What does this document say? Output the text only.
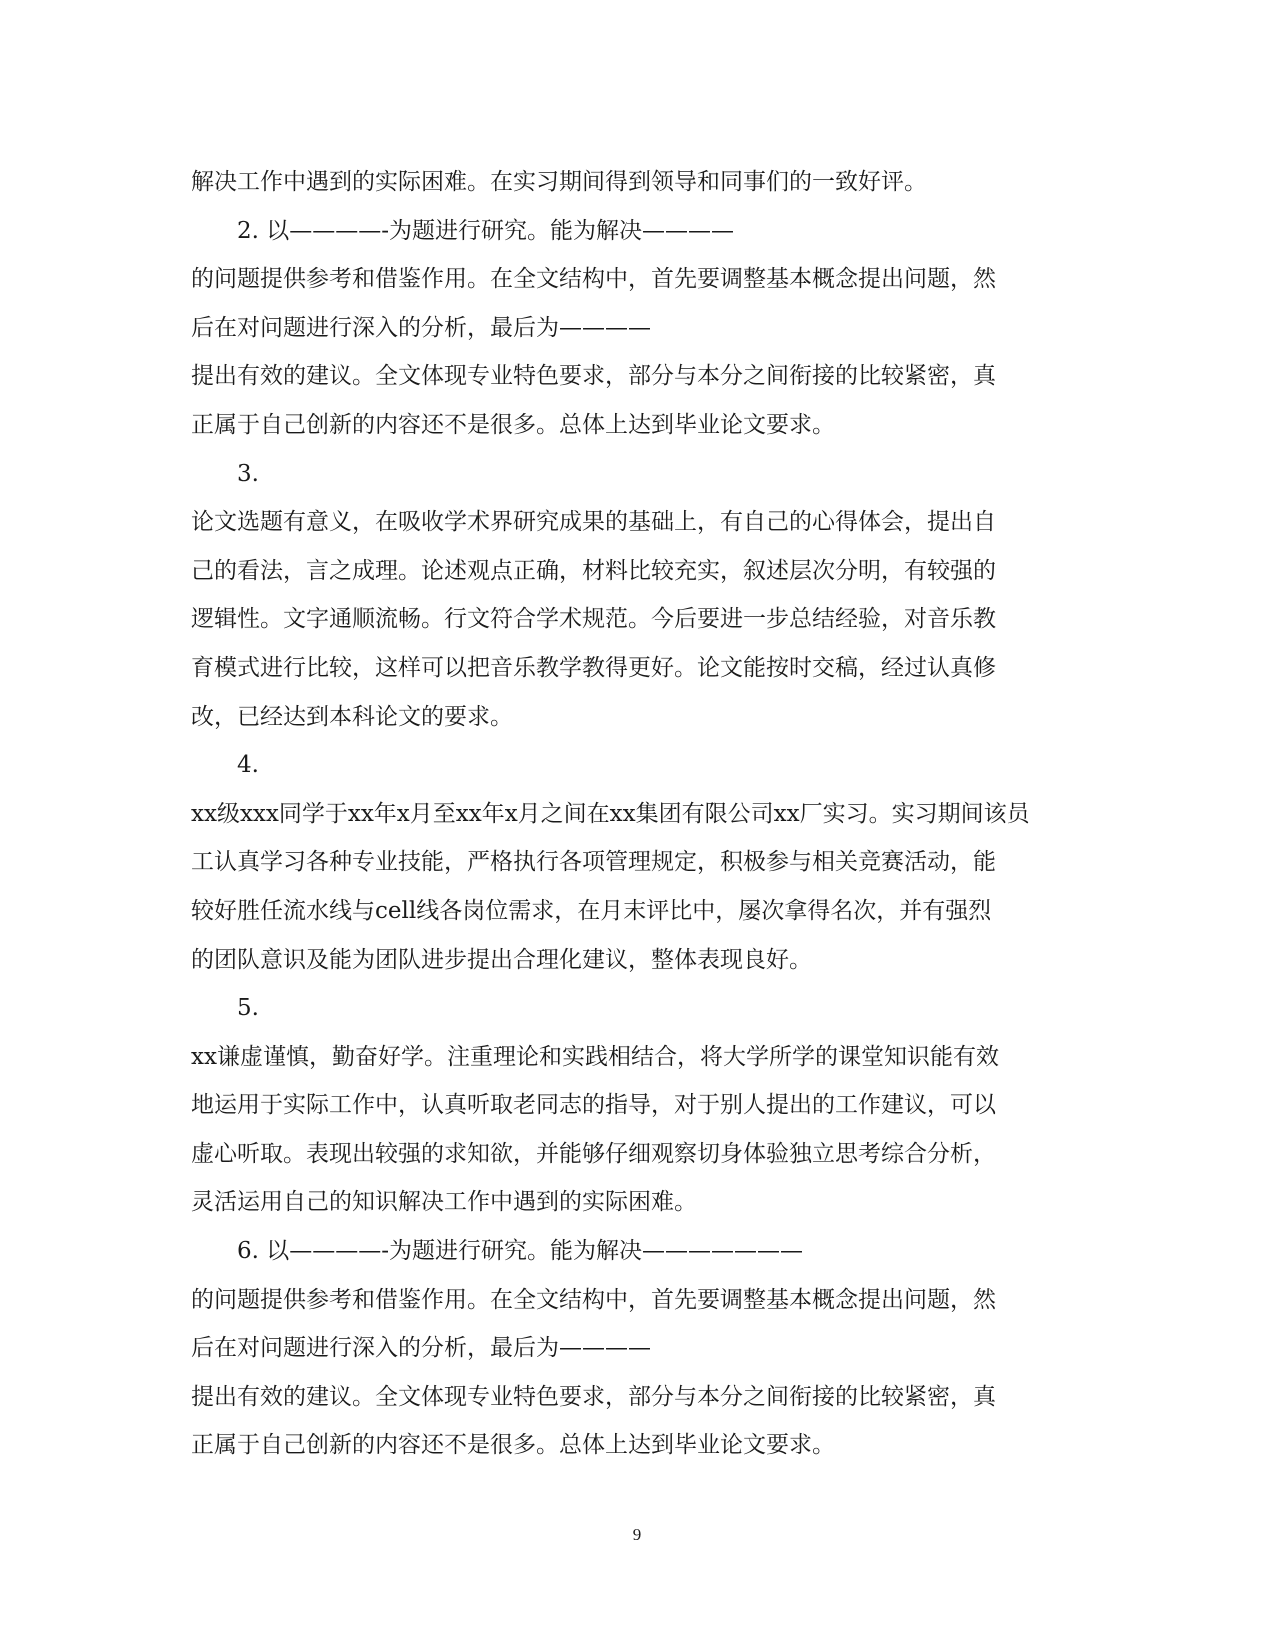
解决工作中遇到的实际困难。在实习期间得到领导和同事们的一致好评。
2. 以————-为题进行研究。能为解决————
的问题提供参考和借鉴作用。在全文结构中，首先要调整基本概念提出问题，然
后在对问题进行深入的分析，最后为————
提出有效的建议。全文体现专业特色要求，部分与本分之间衔接的比较紧密，真
正属于自己创新的内容还不是很多。总体上达到毕业论文要求。
3.
论文选题有意义，在吸收学术界研究成果的基础上，有自己的心得体会，提出自
己的看法，言之成理。论述观点正确，材料比较充实，叙述层次分明，有较强的
逻辑性。文字通顺流畅。行文符合学术规范。今后要进一步总结经验，对音乐教
育模式进行比较，这样可以把音乐教学教得更好。论文能按时交稿，经过认真修
改，已经达到本科论文的要求。
4.
xx级xxx同学于xx年x月至xx年x月之间在xx集团有限公司xx厂实习。实习期间该员
工认真学习各种专业技能，严格执行各项管理规定，积极参与相关竞赛活动，能
较好胜任流水线与cell线各岗位需求，在月末评比中，屡次拿得名次，并有强烈
的团队意识及能为团队进步提出合理化建议，整体表现良好。
5.
xx谦虚谨慎，勤奋好学。注重理论和实践相结合，将大学所学的课堂知识能有效
地运用于实际工作中，认真听取老同志的指导，对于别人提出的工作建议，可以
虚心听取。表现出较强的求知欲，并能够仔细观察切身体验独立思考综合分析，
灵活运用自己的知识解决工作中遇到的实际困难。
6. 以————-为题进行研究。能为解决———————
的问题提供参考和借鉴作用。在全文结构中，首先要调整基本概念提出问题，然
后在对问题进行深入的分析，最后为————
提出有效的建议。全文体现专业特色要求，部分与本分之间衔接的比较紧密，真
正属于自己创新的内容还不是很多。总体上达到毕业论文要求。
9
